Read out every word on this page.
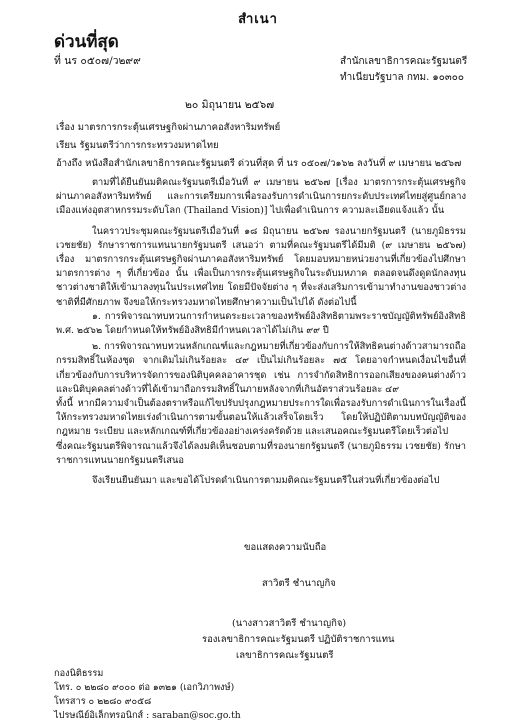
สำเนา
ด่วนที่สุด
ที่ นร ๐๕๐๗/ว๒๙๙	สำนักเลขาธิการคณะรัฐมนตรี
ทำเนียบรัฐบาล กทม. ๑๐๓๐๐
๒๐ มิถุนายน ๒๕๖๗
เรื่อง มาตรการกระตุ้นเศรษฐกิจผ่านภาคอสังหาริมทรัพย์
เรียน รัฐมนตรีว่าการกระทรวงมหาดไทย
อ้างถึง หนังสือสำนักเลขาธิการคณะรัฐมนตรี ด่วนที่สุด ที่ นร ๐๕๐๗/ว๑๖๒ ลงวันที่ ๙ เมษายน ๒๕๖๗

ตามที่ได้ยืนยันมติคณะรัฐมนตรีเมื่อวันที่ ๙ เมษายน ๒๕๖๗ [เรื่อง มาตรการกระตุ้นเศรษฐกิจผ่านภาคอสังหาริมทรัพย์ และการเตรียมการเพื่อรองรับการดำเนินการยกระดับประเทศไทยสู่ศูนย์กลางเมืองแห่งอุตสาหกรรมระดับโลก (Thailand Vision)] ไปเพื่อดำเนินการ ความละเอียดแจ้งแล้ว นั้น

ในคราวประชุมคณะรัฐมนตรีเมื่อวันที่ ๑๘ มิถุนายน ๒๕๖๗ รองนายกรัฐมนตรี (นายภูมิธรรม เวชยชัย) รักษาราชการแทนนายกรัฐมนตรี เสนอว่า ตามที่คณะรัฐมนตรีได้มีมติ (๙ เมษายน ๒๕๖๗) เรื่อง มาตรการกระตุ้นเศรษฐกิจผ่านภาคอสังหาริมทรัพย์ โดยมอบหมายหน่วยงานที่เกี่ยวข้องไปศึกษามาตรการต่าง ๆ ที่เกี่ยวข้อง นั้น เพื่อเป็นการกระตุ้นเศรษฐกิจในระดับมหภาค ตลอดจนดึงดูดนักลงทุนชาวต่างชาติให้เข้ามาลงทุนในประเทศไทย โดยมีปัจจัยต่าง ๆ ที่จะส่งเสริมการเข้ามาทำงานของชาวต่างชาติที่มีศักยภาพ จึงขอให้กระทรวงมหาดไทยศึกษาความเป็นไปได้ ดังต่อไปนี้

๑. การพิจารณาทบทวนการกำหนดระยะเวลาของทรัพย์อิงสิทธิตามพระราชบัญญัติทรัพย์อิงสิทธิ พ.ศ. ๒๕๖๒ โดยกำหนดให้ทรัพย์อิงสิทธิมีกำหนดเวลาได้ไม่เกิน ๙๙ ปี

๒. การพิจารณาทบทวนหลักเกณฑ์และกฎหมายที่เกี่ยวข้องกับการให้สิทธิคนต่างด้าวสามารถถือกรรมสิทธิ์ในห้องชุด จากเดิมไม่เกินร้อยละ ๔๙ เป็นไม่เกินร้อยละ ๗๕ โดยอาจกำหนดเงื่อนไขอื่นที่เกี่ยวข้องกับการบริหารจัดการของนิติบุคคลอาคารชุด เช่น การจำกัดสิทธิการออกเสียงของคนต่างด้าวและนิติบุคคลต่างด้าวที่ได้เข้ามาถือกรรมสิทธิ์ในภายหลังจากที่เกินอัตราส่วนร้อยละ ๔๙

ทั้งนี้ หากมีความจำเป็นต้องตราหรือแก้ไขปรับปรุงกฎหมายประการใดเพื่อรองรับการดำเนินการในเรื่องนี้ให้กระทรวงมหาดไทยเร่งดำเนินการตามขั้นตอนให้แล้วเสร็จโดยเร็ว โดยให้ปฏิบัติตามบทบัญญัติของกฎหมาย ระเบียบ และหลักเกณฑ์ที่เกี่ยวข้องอย่างเคร่งครัดด้วย และเสนอคณะรัฐมนตรีโดยเร็วต่อไป

ซึ่งคณะรัฐมนตรีพิจารณาแล้วจึงได้ลงมติเห็นชอบตามที่รองนายกรัฐมนตรี (นายภูมิธรรม เวชยชัย) รักษาราชการแทนนายกรัฐมนตรีเสนอ

จึงเรียนยืนยันมา และขอได้โปรดดำเนินการตามมติคณะรัฐมนตรีในส่วนที่เกี่ยวข้องต่อไป

ขอแสดงความนับถือ
สาวิตรี ชำนาญกิจ
(นางสาวสาวิตรี ชำนาญกิจ)
รองเลขาธิการคณะรัฐมนตรี ปฏิบัติราชการแทน
เลขาธิการคณะรัฐมนตรี
กองนิติธรรม
โทร. ๐ ๒๒๘๐ ๙๐๐๐ ต่อ ๑๓๒๑ (เอกวิภาพงษ์)
โทรสาร ๐ ๒๒๘๐ ๙๐๕๘
ไปรษณีย์อิเล็กทรอนิกส์ : saraban@soc.go.th
